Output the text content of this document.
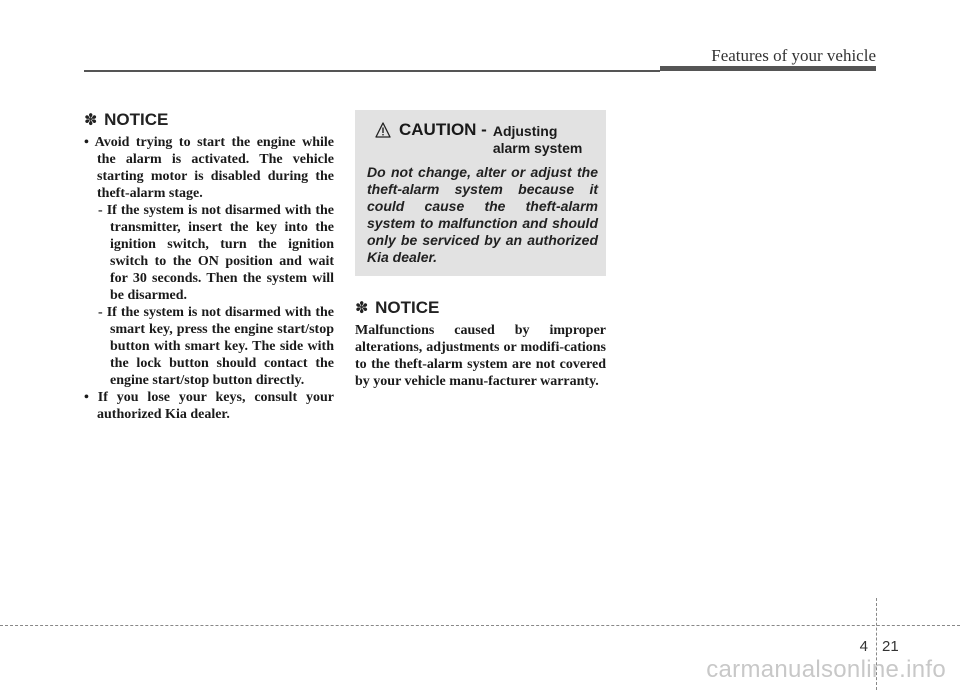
Features of your vehicle
✽ NOTICE

• Avoid trying to start the engine while the alarm is activated. The vehicle starting motor is disabled during the theft-alarm stage.

- If the system is not disarmed with the transmitter, insert the key into the ignition switch, turn the ignition switch to the ON position and wait for 30 seconds. Then the system will be disarmed.

- If the system is not disarmed with the smart key, press the engine start/stop button with smart key. The side with the lock button should contact the engine start/stop button directly.

• If you lose your keys, consult your authorized Kia dealer.

CAUTION - Adjusting
alarm system

Do not change, alter or adjust the theft-alarm system because it could cause the theft-alarm system to malfunction and should only be serviced by an authorized Kia dealer.

✽ NOTICE

Malfunctions caused by improper alterations, adjustments or modifi-cations to the theft-alarm system are not covered by your vehicle manu-facturer warranty.

4 21
carmanualsonline.info
